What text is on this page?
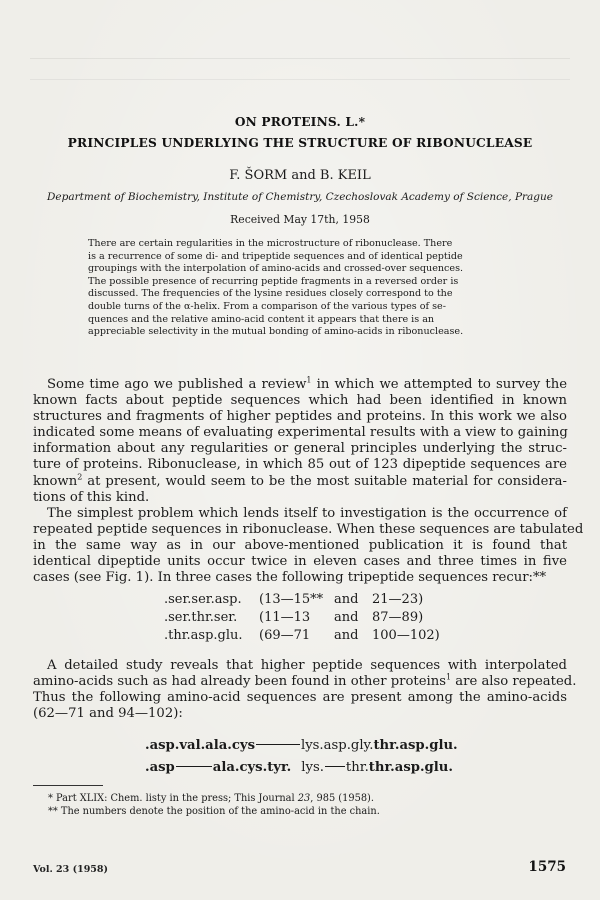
ON PROTEINS. L.*
PRINCIPLES UNDERLYING THE STRUCTURE OF RIBONUCLEASE
F. ŠORM and B. KEIL
Department of Biochemistry, Institute of Chemistry, Czechoslovak Academy of Science, Prague
Received May 17th, 1958

There are certain regularities in the microstructure of ribonuclease. There
is a recurrence of some di- and tripeptide sequences and of identical peptide
groupings with the interpolation of amino-acids and crossed-over sequences.
The possible presence of recurring peptide fragments in a reversed order is
discussed. The frequencies of the lysine residues closely correspond to the
double turns of the α-helix. From a comparison of the various types of se-
quences and the relative amino-acid content it appears that there is an
appreciable selectivity in the mutual bonding of amino-acids in ribonuclease.

Some time ago we published a review$^1$ in which we attempted to survey the
known facts about peptide sequences which had been identified in known
structures and fragments of higher peptides and proteins. In this work we also
indicated some means of evaluating experimental results with a view to gaining
information about any regularities or general principles underlying the struc-
ture of proteins. Ribonuclease, in which 85 out of 123 dipeptide sequences are
known$^2$ at present, would seem to be the most suitable material for considera-
tions of this kind.

The simplest problem which lends itself to investigation is the occurrence of
repeated peptide sequences in ribonuclease. When these sequences are tabulated
in the same way as in our above-mentioned publication it is found that
identical dipeptide units occur twice in eleven cases and three times in five
cases (see Fig. 1). In three cases the following tripeptide sequences recur:**

.ser.ser.asp.	(13—15** and	21—23)
.ser.thr.ser.	(11—13	and	87—89)
.thr.asp.glu.	(69—71	and	100—102)

A detailed study reveals that higher peptide sequences with interpolated
amino-acids such as had already been found in other proteins$^1$ are also repeated.
Thus the following amino-acid sequences are present among the amino-acids
(62—71 and 94—102):

.asp.val.ala.cys	lys.asp.gly.thr.asp.glu.
.asp	ala.cys.tyr. lys. thr.thr.asp.glu.
* Part XLIX: Chem. listy in the press; This Journal 23, 985 (1958).
** The numbers denote the position of the amino-acid in the chain.
Vol. 23 (1958)	1575
